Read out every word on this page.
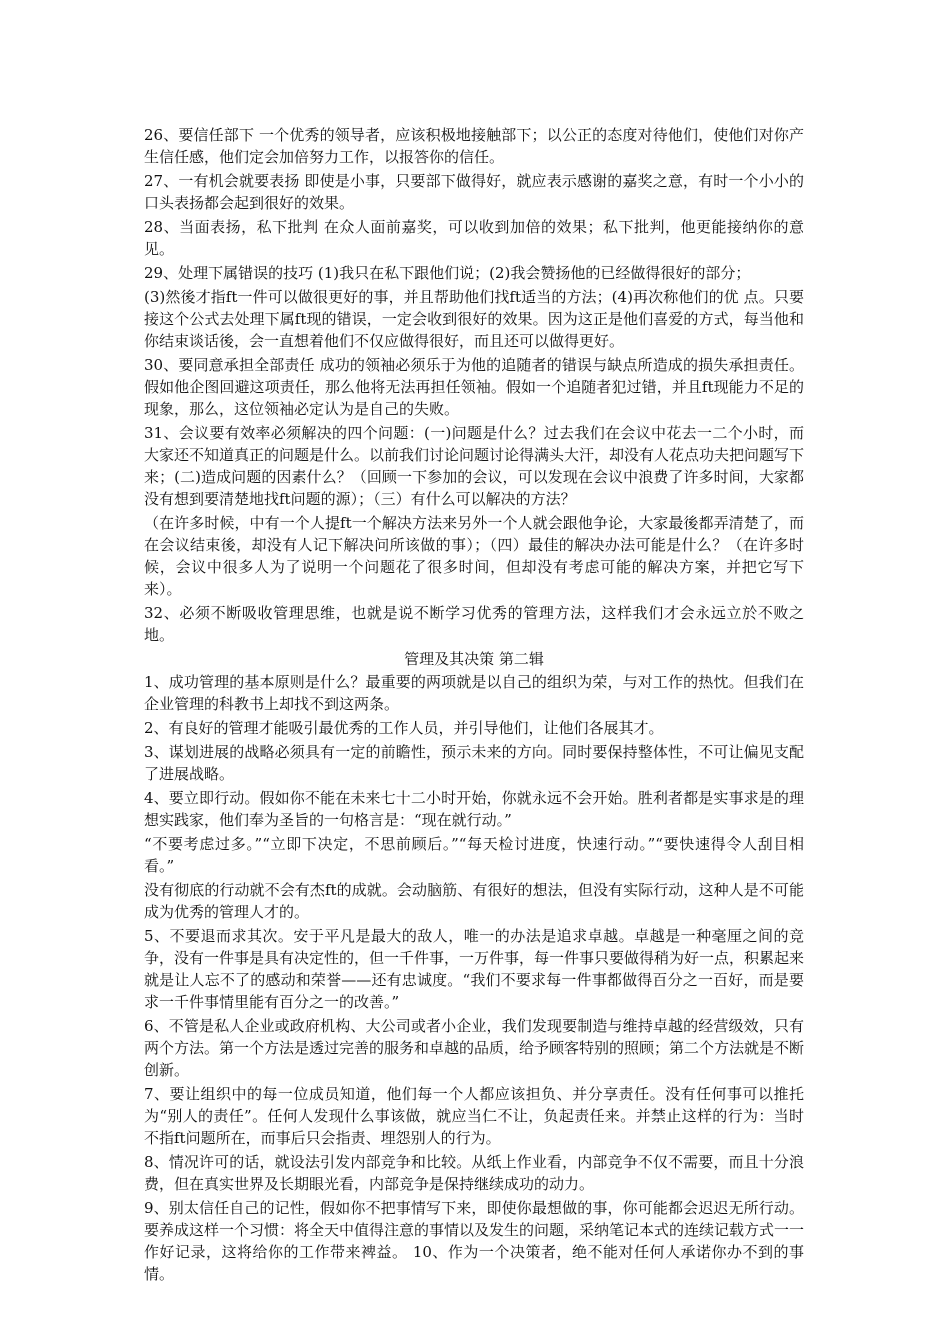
26、要信任部下 一个优秀的领导者，应该积极地接触部下；以公正的态度对待他们，使他们对你产生信任感，他们定会加倍努力工作，以报答你的信任。

27、一有机会就要表扬 即使是小事，只要部下做得好，就应表示感谢的嘉奖之意，有时一个小小的口头表扬都会起到很好的效果。

28、当面表扬，私下批判 在众人面前嘉奖，可以收到加倍的效果；私下批判，他更能接纳你的意见。

29、处理下属错误的技巧 (1)我只在私下跟他们说；(2)我会赞扬他的已经做得很好的部分；

(3)然後才指ft一件可以做很更好的事，并且帮助他们找ft适当的方法；(4)再次称他们的优 点。只要接这个公式去处理下属ft现的错误，一定会收到很好的效果。因为这正是他们喜爱的方式，每当他和你结束谈话後，会一直想着他们不仅应做得很好，而且还可以做得更好。

30、要同意承担全部责任 成功的领袖必须乐于为他的追随者的错误与缺点所造成的损失承担责任。假如他企图回避这项责任，那么他将无法再担任领袖。假如一个追随者犯过错，并且ft现能力不足的现象，那么，这位领袖必定认为是自己的失败。

31、会议要有效率必须解决的四个问题：(一)问题是什么？过去我们在会议中花去一二个小时，而大家还不知道真正的问题是什么。以前我们讨论问题讨论得满头大汗，却没有人花点功夫把问题写下来；(二)造成问题的因素什么？（回顾一下参加的会议，可以发现在会议中浪费了许多时间，大家都没有想到要清楚地找ft问题的源）；（三）有什么可以解决的方法？

（在许多时候，中有一个人提ft一个解决方法来另外一个人就会跟他争论，大家最後都弄清楚了，而在会议结束後，却没有人记下解决问所该做的事）；（四）最佳的解决办法可能是什么？（在许多时候，会议中很多人为了说明一个问题花了很多时间，但却没有考虑可能的解决方案，并把它写下来）。

32、必须不断吸收管理思维，也就是说不断学习优秀的管理方法，这样我们才会永远立於不败之地。

管理及其决策 第二辑

1、成功管理的基本原则是什么？最重要的两项就是以自己的组织为荣，与对工作的热忱。但我们在企业管理的科教书上却找不到这两条。

2、有良好的管理才能吸引最优秀的工作人员，并引导他们，让他们各展其才。

3、谋划进展的战略必须具有一定的前瞻性，预示未来的方向。同时要保持整体性，不可让偏见支配了进展战略。

4、要立即行动。假如你不能在未来七十二小时开始，你就永远不会开始。胜利者都是实事求是的理想实践家，他们奉为圣旨的一句格言是：“现在就行动。”

“不要考虑过多。”“立即下决定，不思前顾后。”“每天检讨进度，快速行动。”“要快速得令人刮目相看。”

没有彻底的行动就不会有杰ft的成就。会动脑筋、有很好的想法，但没有实际行动，这种人是不可能成为优秀的管理人才的。

5、不要退而求其次。安于平凡是最大的敌人，唯一的办法是追求卓越。卓越是一种毫厘之间的竞争，没有一件事是具有决定性的，但一千件事，一万件事，每一件事只要做得稍为好一点，积累起来就是让人忘不了的感动和荣誉——还有忠诚度。“我们不要求每一件事都做得百分之一百好，而是要求一千件事情里能有百分之一的改善。”

6、不管是私人企业或政府机构、大公司或者小企业，我们发现要制造与维持卓越的经营级效，只有两个方法。第一个方法是透过完善的服务和卓越的品质，给予顾客特别的照顾；第二个方法就是不断创新。

7、要让组织中的每一位成员知道，他们每一个人都应该担负、并分享责任。没有任何事可以推托为“别人的责任”。任何人发现什么事该做，就应当仁不让，负起责任来。并禁止这样的行为：当时不指ft问题所在，而事后只会指责、埋怨别人的行为。

8、情况许可的话，就设法引发内部竞争和比较。从纸上作业看，内部竞争不仅不需要，而且十分浪费，但在真实世界及长期眼光看，内部竞争是保持继续成功的动力。

9、别太信任自己的记性，假如你不把事情写下来，即使你最想做的事，你可能都会迟迟无所行动。要养成这样一个习惯：将全天中值得注意的事情以及发生的问题，采纳笔记本式的连续记载方式一一作好记录，这将给你的工作带来裨益。 10、作为一个决策者，绝不能对任何人承诺你办不到的事情。
